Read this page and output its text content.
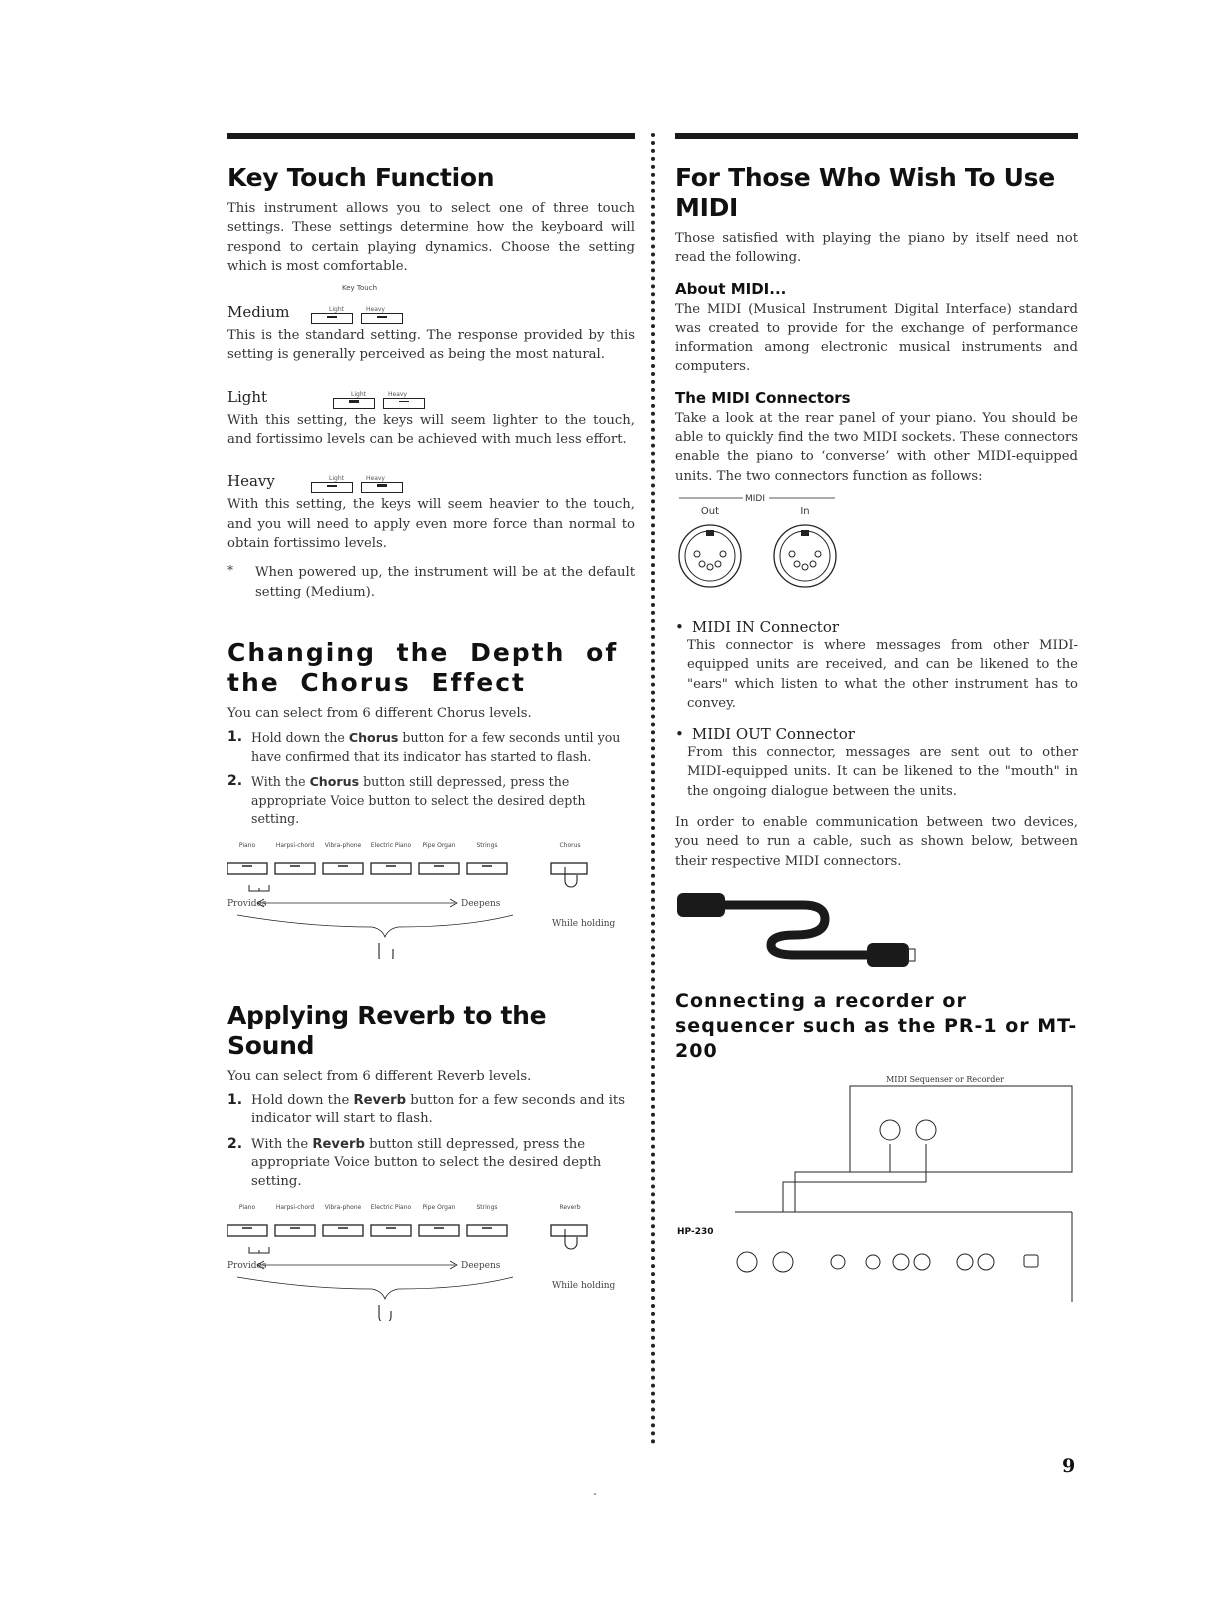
Key Touch Function

This instrument allows you to select one of three touch settings. These settings determine how the keyboard will respond to certain playing dynamics. Choose the setting which is most comfortable.

Key Touch
Medium	Light	Heavy

This is the standard setting. The response provided by this setting is generally perceived as being the most natural.

Light	Light	Heavy

With this setting, the keys will seem lighter to the touch, and fortissimo levels can be achieved with much less effort.

Heavy	Light	Heavy

With this setting, the keys will seem heavier to the touch, and you will need to apply even more force than normal to obtain fortissimo levels.

*	When powered up, the instrument will be at the default setting (Medium).

Changing the Depth of the Chorus Effect

You can select from 6 different Chorus levels.

1. Hold down the Chorus button for a few seconds until you have confirmed that its indicator has started to flash.
2. With the Chorus button still depressed, press the appropriate Voice button to select the desired depth setting.
Piano	Harpsi-chord Vibra-phone Electric Piano Pipe Organ	Strings	Chorus
Provides	Deepens
While holding
Applying Reverb to the Sound

You can select from 6 different Reverb levels.

1. Hold down the Reverb button for a few seconds and its indicator will start to flash.
2. With the Reverb button still depressed, press the appropriate Voice button to select the desired depth setting.
Piano	Harpsi-chord Vibra-phone Electric Piano Pipe Organ	Strings	Reverb
Provides	Deepens
While holding
For Those Who Wish To Use MIDI

Those satisfied with playing the piano by itself need not read the following.

About MIDI...

The MIDI (Musical Instrument Digital Interface) standard was created to provide for the exchange of performance information among electronic musical instruments and computers.

The MIDI Connectors

Take a look at the rear panel of your piano. You should be able to quickly find the two MIDI sockets. These connectors enable the piano to ‘converse’ with other MIDI-equipped units. The two connectors function as follows:

MIDI
Out	In
• MIDI IN Connector

This connector is where messages from other MIDI-equipped units are received, and can be likened to the "ears" which listen to what the other instrument has to convey.

• MIDI OUT Connector

From this connector, messages are sent out to other MIDI-equipped units. It can be likened to the "mouth" in the ongoing dialogue between the units.

In order to enable communication between two devices, you need to run a cable, such as shown below, between their respective MIDI connectors.

Connecting a recorder or sequencer such as the PR-1 or MT-200
MIDI Sequenser or Recorder
HP-230
9
